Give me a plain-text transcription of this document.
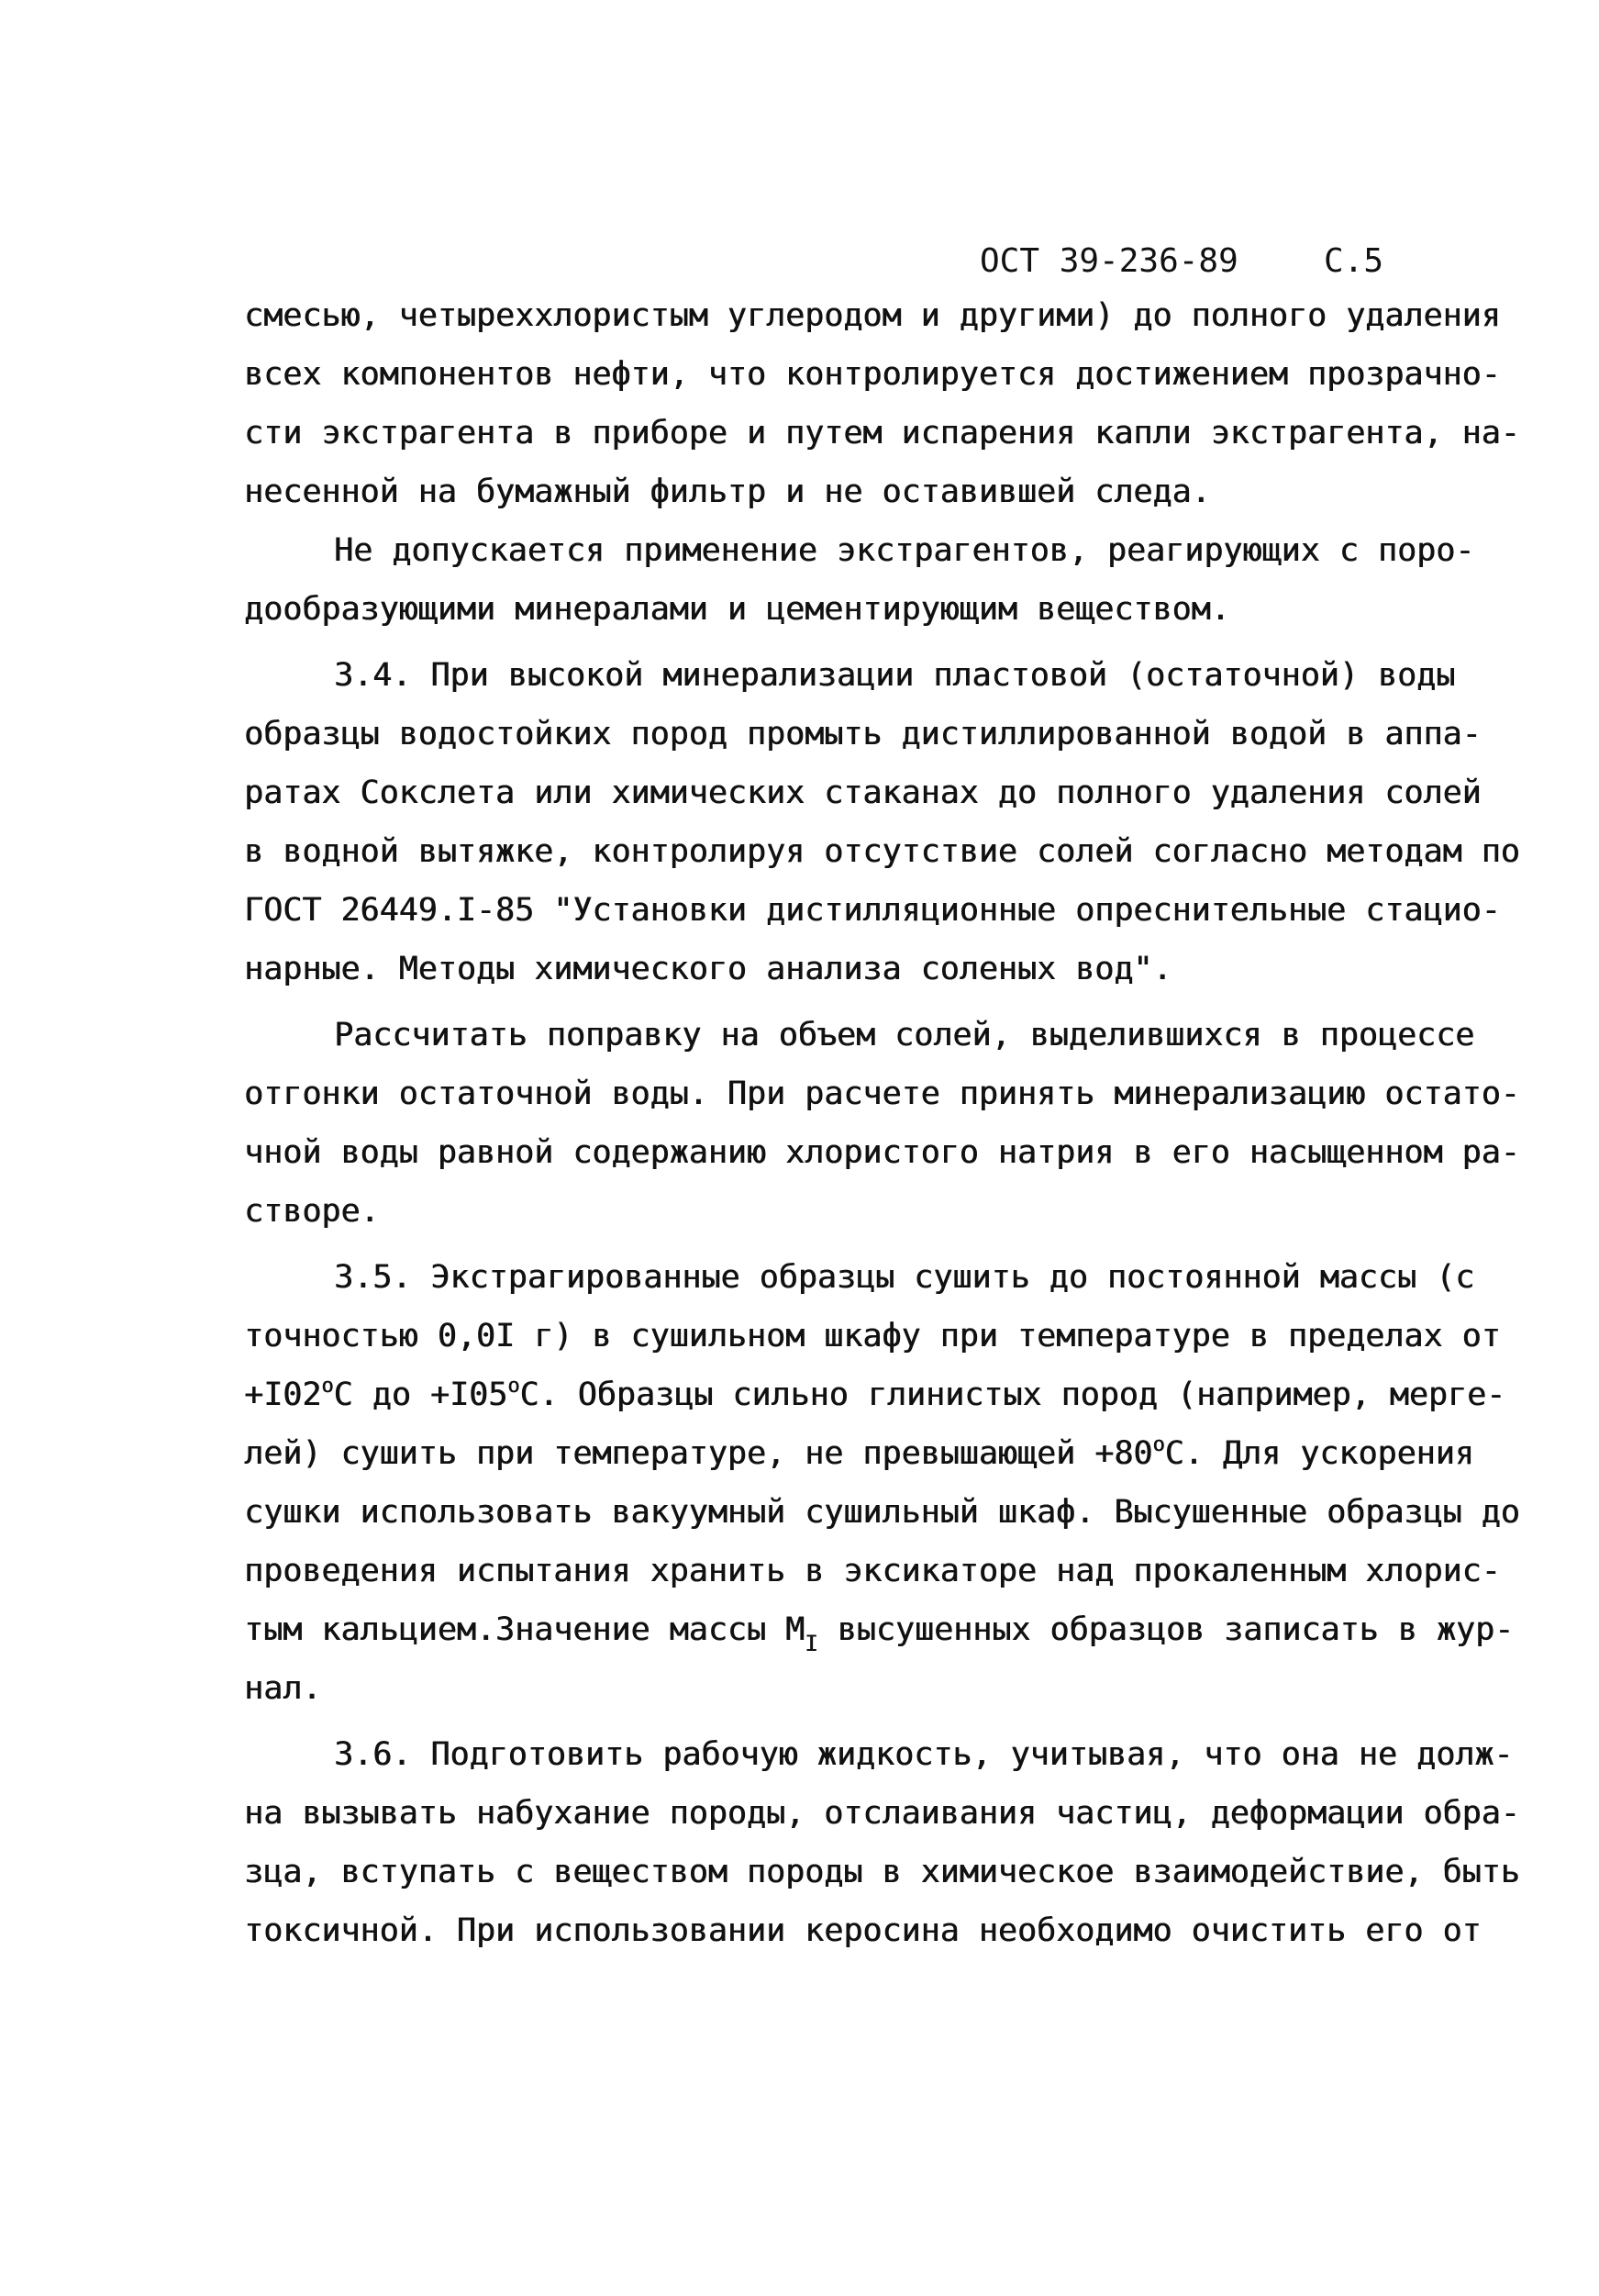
ОСТ 39-236-89	С.5
смесью, четыреххлористым углеродом и другими) до полного удаления
всех компонентов нефти, что контролируется достижением прозрачно-
сти экстрагента в приборе и путем испарения капли экстрагента, на-
несенной на бумажный фильтр и не оставившей следа.
Не допускается применение экстрагентов, реагирующих с поро-
дообразующими минералами и цементирующим веществом.
3.4. При высокой минерализации пластовой (остаточной) воды
образцы водостойких пород промыть дистиллированной водой в аппа-
ратах Сокслета или химических стаканах до полного удаления солей
в водной вытяжке, контролируя отсутствие солей согласно методам по
ГОСТ 26449.I-85 "Установки дистилляционные опреснительные стацио-
нарные. Методы химического анализа соленых вод".
Рассчитать поправку на объем солей, выделившихся в процессе
отгонки остаточной воды. При расчете принять минерализацию остато-
чной воды равной содержанию хлористого натрия в его насыщенном ра-
створе.
3.5. Экстрагированные образцы сушить до постоянной массы (с
точностью 0,0I г) в сушильном шкафу при температуре в пределах от
$+I02^оС$ до $+I05^оС$. Образцы сильно глинистых пород (например, мерге-
лей) сушить при температуре, не превышающей $+80^оС$. Для ускорения
сушки использовать вакуумный сушильный шкаф. Высушенные образцы до
проведения испытания хранить в эксикаторе над прокаленным хлорис-
тым кальцием.Значение массы $М_I$ высушенных образцов записать в жур-
нал.
3.6. Подготовить рабочую жидкость, учитывая, что она не долж-
на вызывать набухание породы, отслаивания частиц, деформации обра-
зца, вступать с веществом породы в химическое взаимодействие, быть
токсичной. При использовании керосина необходимо очистить его от
